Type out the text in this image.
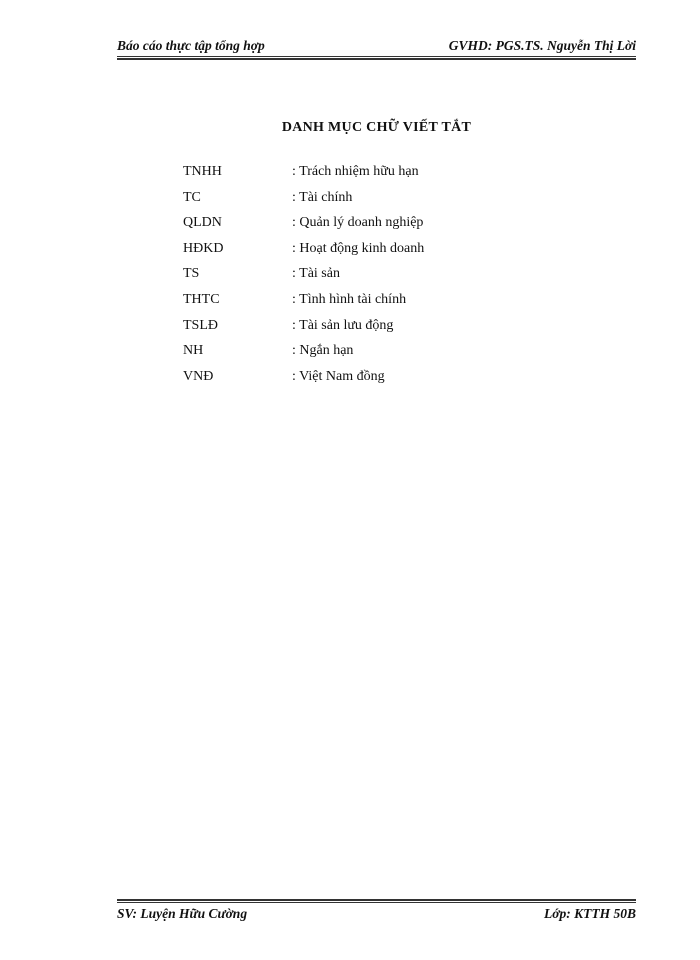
Báo cáo thực tập tổng hợp	GVHD: PGS.TS. Nguyễn Thị Lời
DANH MỤC CHỮ VIẾT TẮT
TNHH	: Trách nhiệm hữu hạn
TC	: Tài chính
QLDN	: Quản lý doanh nghiệp
HĐKD	: Hoạt động kinh doanh
TS	: Tài sản
THTC	: Tình hình tài chính
TSLĐ	: Tài sản lưu động
NH	: Ngắn hạn
VNĐ	: Việt Nam đồng
SV: Luyện Hữu Cường	Lớp: KTTH 50B
